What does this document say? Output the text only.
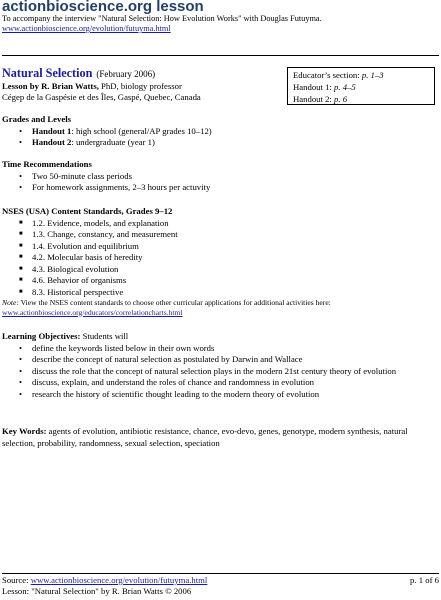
actionbioscience.org lesson
To accompany the interview "Natural Selection: How Evolution Works" with Douglas Futuyma.
www.actionbioscience.org/evolution/futuyma.html
Natural Selection (February 2006)
Lesson by R. Brian Watts, PhD, biology professor
Cégep de la Gaspésie et des Îles, Gaspé, Quebec, Canada
Educator’s section: p. 1–3
Handout 1: p. 4–5
Handout 2: p. 6
Grades and Levels
• Handout 1: high school (general/AP grades 10–12)
• Handout 2: undergraduate (year 1)
Time Recommendations
• Two 50-minute class periods
• For homework assignments, 2–3 hours per actuvity
NSES (USA) Content Standards, Grades 9–12
■ 1.2. Evidence, models, and explanation
■ 1.3. Change, constancy, and measurement
■ 1.4. Evolution and equilibrium
■ 4.2. Molecular basis of heredity
■ 4.3. Biological evolution
■ 4.6. Behavior of organisms
■ 8.3. Historical perspective
Note: View the NSES content standards to choose other curricular applications for additional activities here:
www.actionbioscience.org/educators/correlationcharts.html
Learning Objectives: Students will
• define the keywords listed below in their own words
• describe the concept of natural selection as postulated by Darwin and Wallace
• discuss the role that the concept of natural selection plays in the modern 21st century theory of evolution
• discuss, explain, and understand the roles of chance and randomness in evolution
• research the history of scientific thought leading to the modern theory of evolution
Key Words: agents of evolution, antibiotic resistance, chance, evo-devo, genes, genotype, modern synthesis, natural selection, probability, randomness, sexual selection, speciation
Source: www.actionbioscience.org/evolution/futuyma.html	p. 1 of 6
Lesson: "Natural Selection" by R. Brian Watts © 2006
